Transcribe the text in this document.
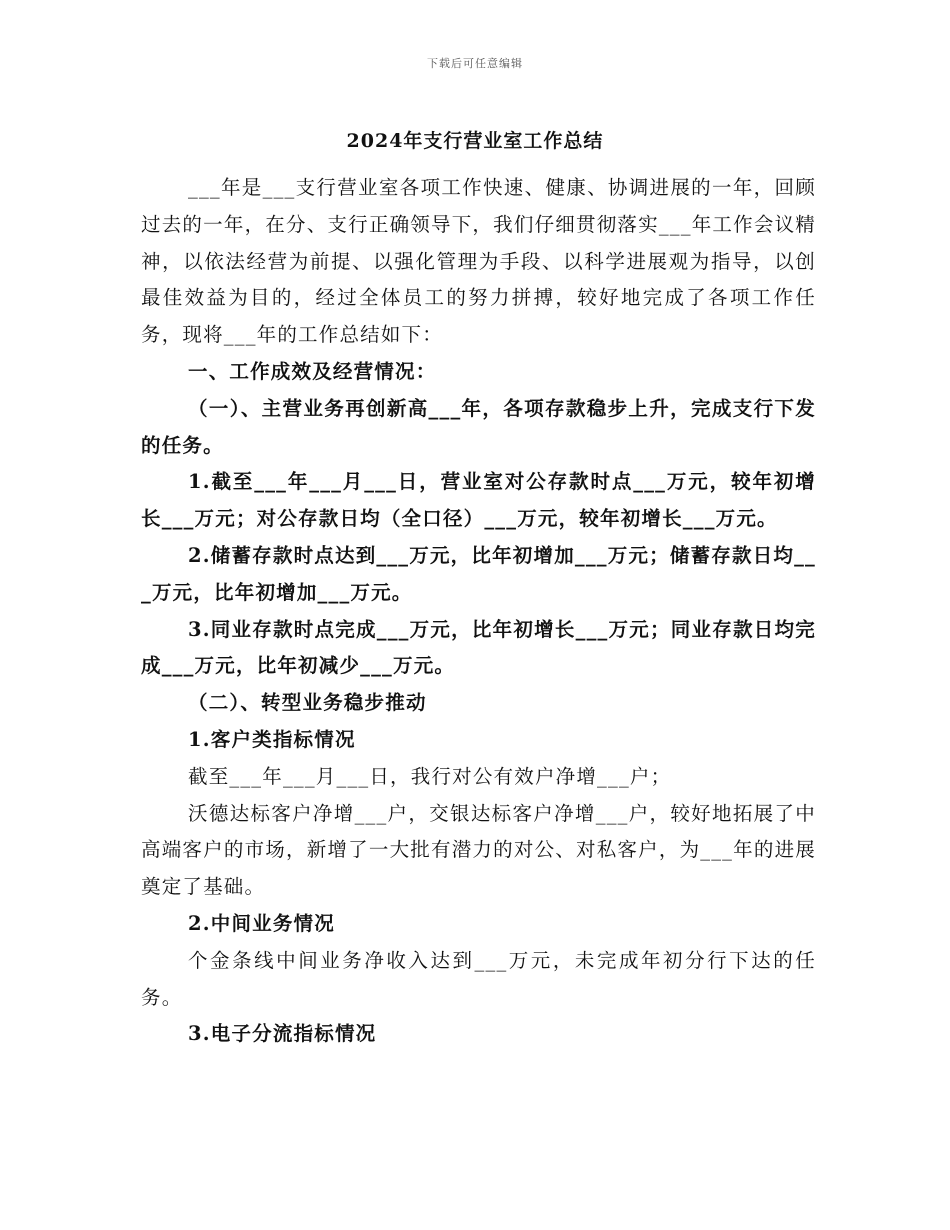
下载后可任意编辑
2024年支行营业室工作总结

___年是___支行营业室各项工作快速、健康、协调进展的一年，回顾过去的一年，在分、支行正确领导下，我们仔细贯彻落实___年工作会议精神，以依法经营为前提、以强化管理为手段、以科学进展观为指导，以创最佳效益为目的，经过全体员工的努力拼搏，较好地完成了各项工作任务，现将___年的工作总结如下：

一、工作成效及经营情况：

（一）、主营业务再创新高___年，各项存款稳步上升，完成支行下发的任务。

1.截至___年___月___日，营业室对公存款时点___万元，较年初增长___万元；对公存款日均（全口径）___万元，较年初增长___万元。

2.储蓄存款时点达到___万元，比年初增加___万元；储蓄存款日均___万元，比年初增加___万元。

3.同业存款时点完成___万元，比年初增长___万元；同业存款日均完成___万元，比年初减少___万元。

（二）、转型业务稳步推动

1.客户类指标情况

截至___年___月___日，我行对公有效户净增___户；

沃德达标客户净增___户，交银达标客户净增___户，较好地拓展了中高端客户的市场，新增了一大批有潜力的对公、对私客户，为___年的进展奠定了基础。

2.中间业务情况

个金条线中间业务净收入达到___万元，未完成年初分行下达的任务。

3.电子分流指标情况
